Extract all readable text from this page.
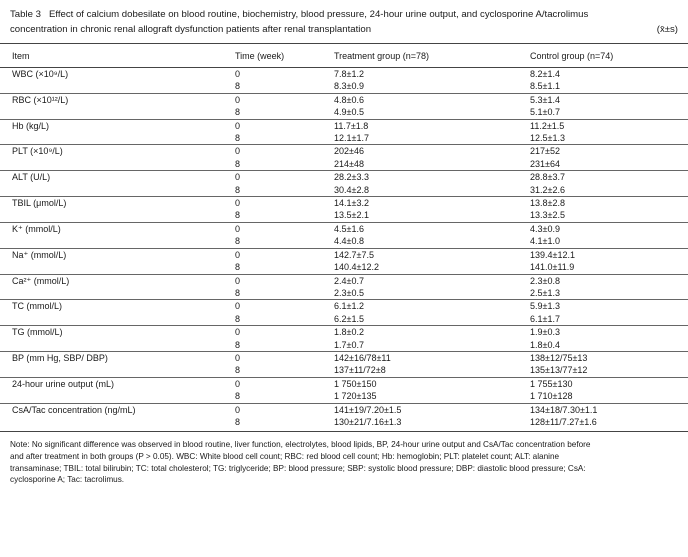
Table 3 Effect of calcium dobesilate on blood routine, biochemistry, blood pressure, 24-hour urine output, and cyclosporine A/tacrolimus
concentration in chronic renal allograft dysfunction patients after renal transplantation	(x̄±s)
Item	Time (week)	Treatment group (n=78)	Control group (n=74)
WBC (×10⁹/L)	0	7.8±1.2	8.2±1.4
	8	8.3±0.9	8.5±1.1
RBC (×10¹²/L)	0	4.8±0.6	5.3±1.4
	8	4.9±0.5	5.1±0.7
Hb (kg/L)	0	11.7±1.8	11.2±1.5
	8	12.1±1.7	12.5±1.3
PLT (×10⁹/L)	0	202±46	217±52
	8	214±48	231±64
ALT (U/L)	0	28.2±3.3	28.8±3.7
	8	30.4±2.8	31.2±2.6
TBIL (μmol/L)	0	14.1±3.2	13.8±2.8
	8	13.5±2.1	13.3±2.5
K⁺ (mmol/L)	0	4.5±1.6	4.3±0.9
	8	4.4±0.8	4.1±1.0
Na⁺ (mmol/L)	0	142.7±7.5	139.4±12.1
	8	140.4±12.2	141.0±11.9
Ca²⁺ (mmol/L)	0	2.4±0.7	2.3±0.8
	8	2.3±0.5	2.5±1.3
TC (mmol/L)	0	6.1±1.2	5.9±1.3
	8	6.2±1.5	6.1±1.7
TG (mmol/L)	0	1.8±0.2	1.9±0.3
	8	1.7±0.7	1.8±0.4
BP (mm Hg, SBP/ DBP)	0	142±16/78±11	138±12/75±13
	8	137±11/72±8	135±13/77±12
24-hour urine output (mL)	0	1 750±150	1 755±130
	8	1 720±135	1 710±128
CsA/Tac concentration (ng/mL)	0	141±19/7.20±1.5	134±18/7.30±1.1
	8	130±21/7.16±1.3	128±11/7.27±1.6
Note: No significant difference was observed in blood routine, liver function, electrolytes, blood lipids, BP, 24-hour urine output and CsA/Tac concentration before
and after treatment in both groups (P > 0.05). WBC: White blood cell count; RBC: red blood cell count; Hb: hemoglobin; PLT: platelet count; ALT: alanine
transaminase; TBIL: total bilirubin; TC: total cholesterol; TG: triglyceride; BP: blood pressure; SBP: systolic blood pressure; DBP: diastolic blood pressure; CsA:
cyclosporine A; Tac: tacrolimus.
